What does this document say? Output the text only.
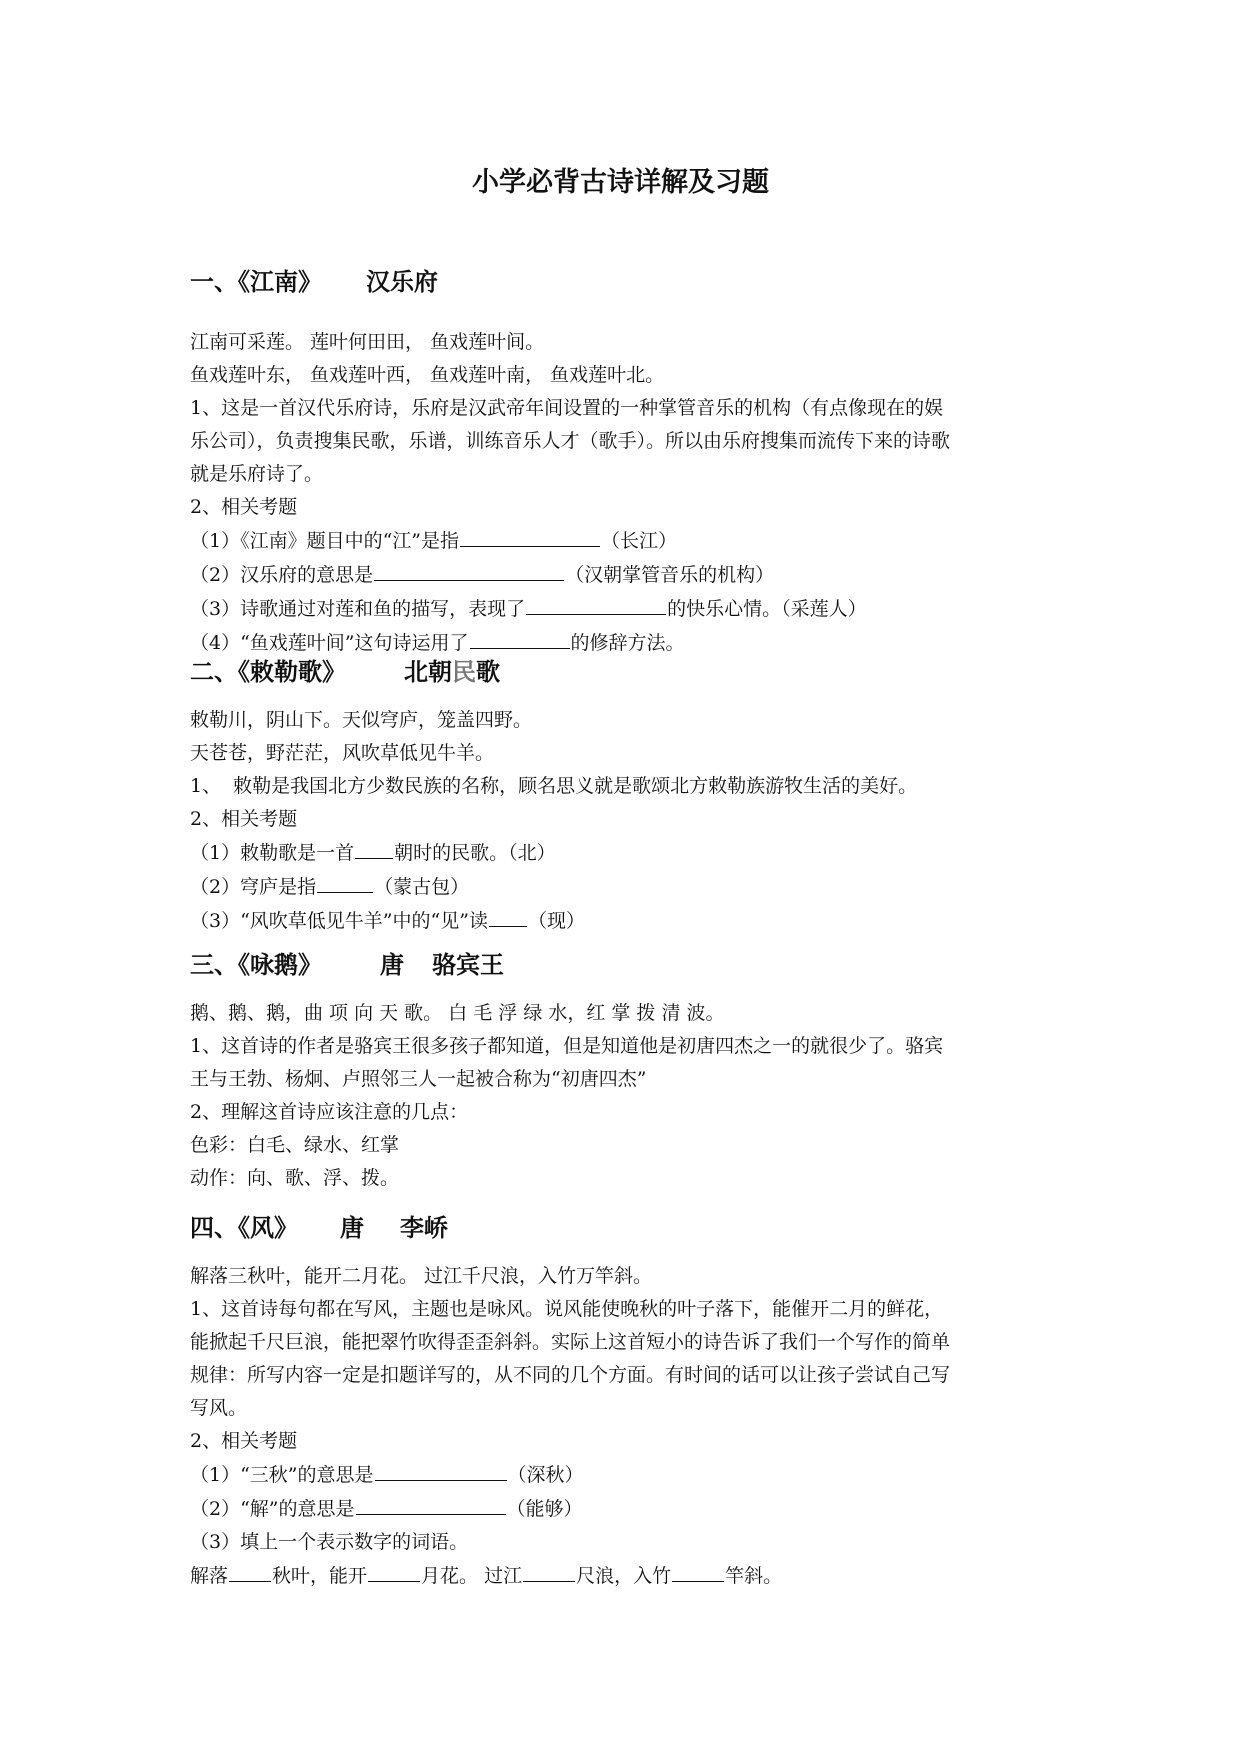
小学必背古诗详解及习题
一、《江南》 汉乐府
江南可采莲。 莲叶何田田， 鱼戏莲叶间。
鱼戏莲叶东， 鱼戏莲叶西， 鱼戏莲叶南， 鱼戏莲叶北。
1、这是一首汉代乐府诗，乐府是汉武帝年间设置的一种掌管音乐的机构（有点像现在的娱
乐公司），负责搜集民歌，乐谱，训练音乐人才（歌手）。所以由乐府搜集而流传下来的诗歌
就是乐府诗了。
2、相关考题
（1）《江南》题目中的“江”是指	（长江）
（2）汉乐府的意思是	（汉朝掌管音乐的机构）
（3）诗歌通过对莲和鱼的描写，表现了	的快乐心情。（采莲人）
（4）“鱼戏莲叶间”这句诗运用了	的修辞方法。
二、《敕勒歌》 北朝民歌
敕勒川，阴山下。天似穹庐，笼盖四野。
天苍苍，野茫茫，风吹草低见牛羊。
1、  敕勒是我国北方少数民族的名称，顾名思义就是歌颂北方敕勒族游牧生活的美好。
2、相关考题
（1）敕勒歌是一首 朝时的民歌。（北）
（2）穹庐是指	（蒙古包）
（3）“风吹草低见牛羊”中的“见”读 （现）
三、《咏鹅》 唐 骆宾王
鹅、鹅、鹅，曲 项 向 天 歌。 白 毛 浮 绿 水，红 掌 拨 清 波。
1、这首诗的作者是骆宾王很多孩子都知道，但是知道他是初唐四杰之一的就很少了。骆宾
王与王勃、杨炯、卢照邻三人一起被合称为“初唐四杰”
2、理解这首诗应该注意的几点：
色彩：白毛、绿水、红掌
动作：向、歌、浮、拨。
四、《风》 唐 李峤
解落三秋叶，能开二月花。 过江千尺浪，入竹万竿斜。
1、这首诗每句都在写风，主题也是咏风。说风能使晚秋的叶子落下，能催开二月的鲜花，
能掀起千尺巨浪，能把翠竹吹得歪歪斜斜。实际上这首短小的诗告诉了我们一个写作的简单
规律：所写内容一定是扣题详写的，从不同的几个方面。有时间的话可以让孩子尝试自己写
写风。
2、相关考题
（1）“三秋”的意思是	（深秋）
（2）“解”的意思是	（能够）
（3）填上一个表示数字的词语。
解落 秋叶，能开	月花。 过江	尺浪，入竹	竿斜。
